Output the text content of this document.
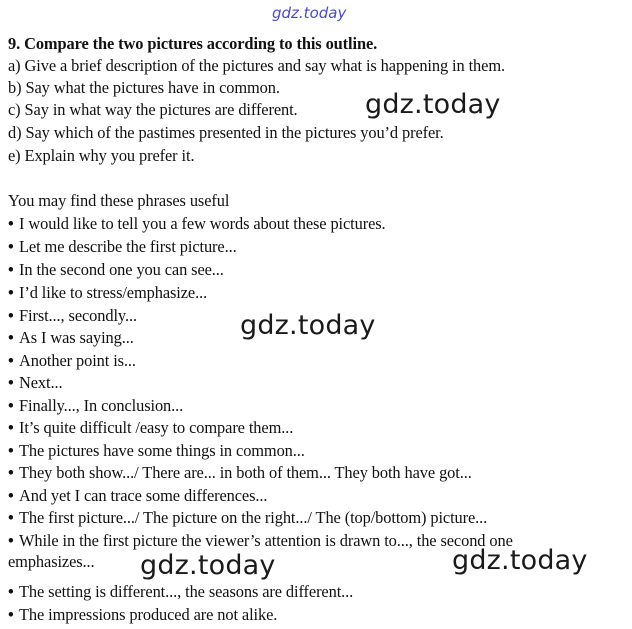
gdz.today
9. Compare the two pictures according to this outline.
a) Give a brief description of the pictures and say what is happening in them.
b) Say what the pictures have in common.
c) Say in what way the pictures are different.
d) Say which of the pastimes presented in the pictures you’d prefer.
e) Explain why you prefer it.
You may find these phrases useful
• I would like to tell you a few words about these pictures.
• Let me describe the first picture...
• In the second one you can see...
• I’d like to stress/emphasize...
• First..., secondly...
• As I was saying...
• Another point is...
• Next...
• Finally..., In conclusion...
• It’s quite difficult /easy to compare them...
• The pictures have some things in common...
• They both show.../ There are... in both of them... They both have got...
• And yet I can trace some differences...
• The first picture.../ The picture on the right.../ The (top/bottom) picture...
• While in the first picture the viewer’s attention is drawn to..., the second one
emphasizes...
• The setting is different..., the seasons are different...
• The impressions produced are not alike.
gdz.today
gdz.today
gdz.today	gdz.today
